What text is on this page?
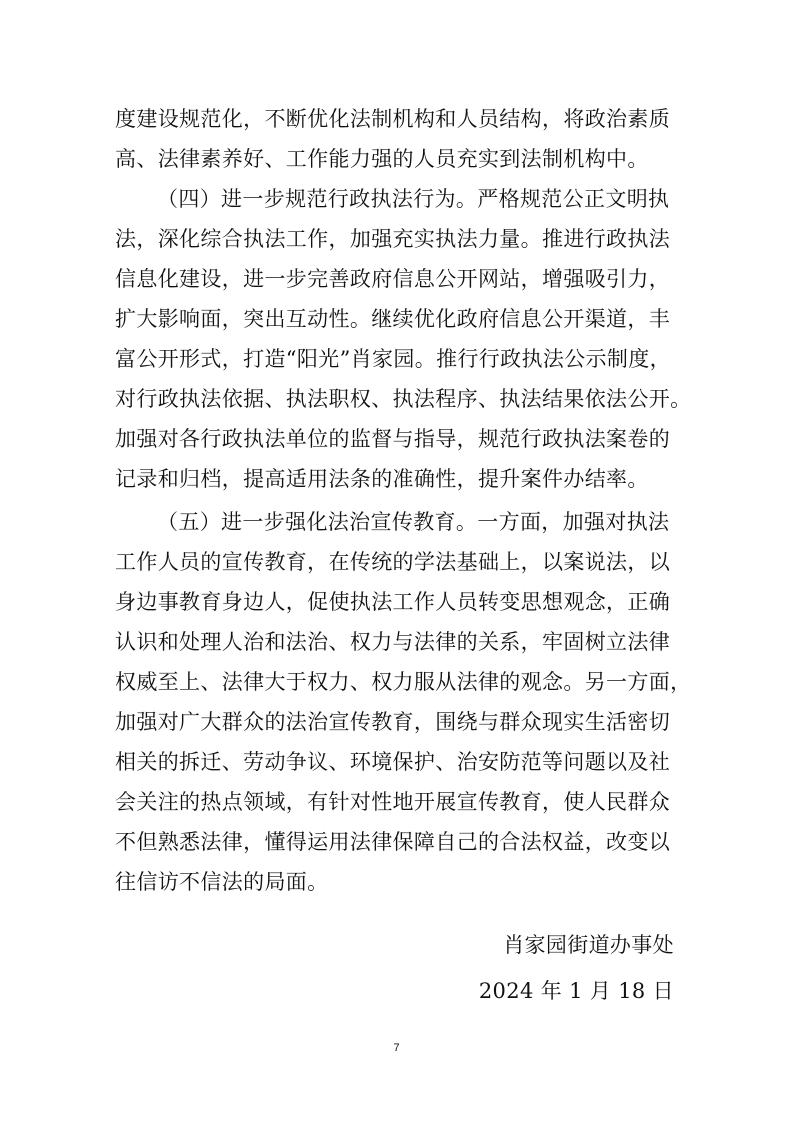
度建设规范化，不断优化法制机构和人员结构，将政治素质
高、法律素养好、工作能力强的人员充实到法制机构中。
（四）进一步规范行政执法行为。严格规范公正文明执
法，深化综合执法工作，加强充实执法力量。推进行政执法
信息化建设，进一步完善政府信息公开网站，增强吸引力，
扩大影响面，突出互动性。继续优化政府信息公开渠道，丰
富公开形式，打造“阳光”肖家园。推行行政执法公示制度，
对行政执法依据、执法职权、执法程序、执法结果依法公开。
加强对各行政执法单位的监督与指导，规范行政执法案卷的
记录和归档，提高适用法条的准确性，提升案件办结率。
（五）进一步强化法治宣传教育。一方面，加强对执法
工作人员的宣传教育，在传统的学法基础上，以案说法，以
身边事教育身边人，促使执法工作人员转变思想观念，正确
认识和处理人治和法治、权力与法律的关系，牢固树立法律
权威至上、法律大于权力、权力服从法律的观念。另一方面，
加强对广大群众的法治宣传教育，围绕与群众现实生活密切
相关的拆迁、劳动争议、环境保护、治安防范等问题以及社
会关注的热点领域，有针对性地开展宣传教育，使人民群众
不但熟悉法律，懂得运用法律保障自己的合法权益，改变以
往信访不信法的局面。
肖家园街道办事处
2024 年 1 月 18 日
7
